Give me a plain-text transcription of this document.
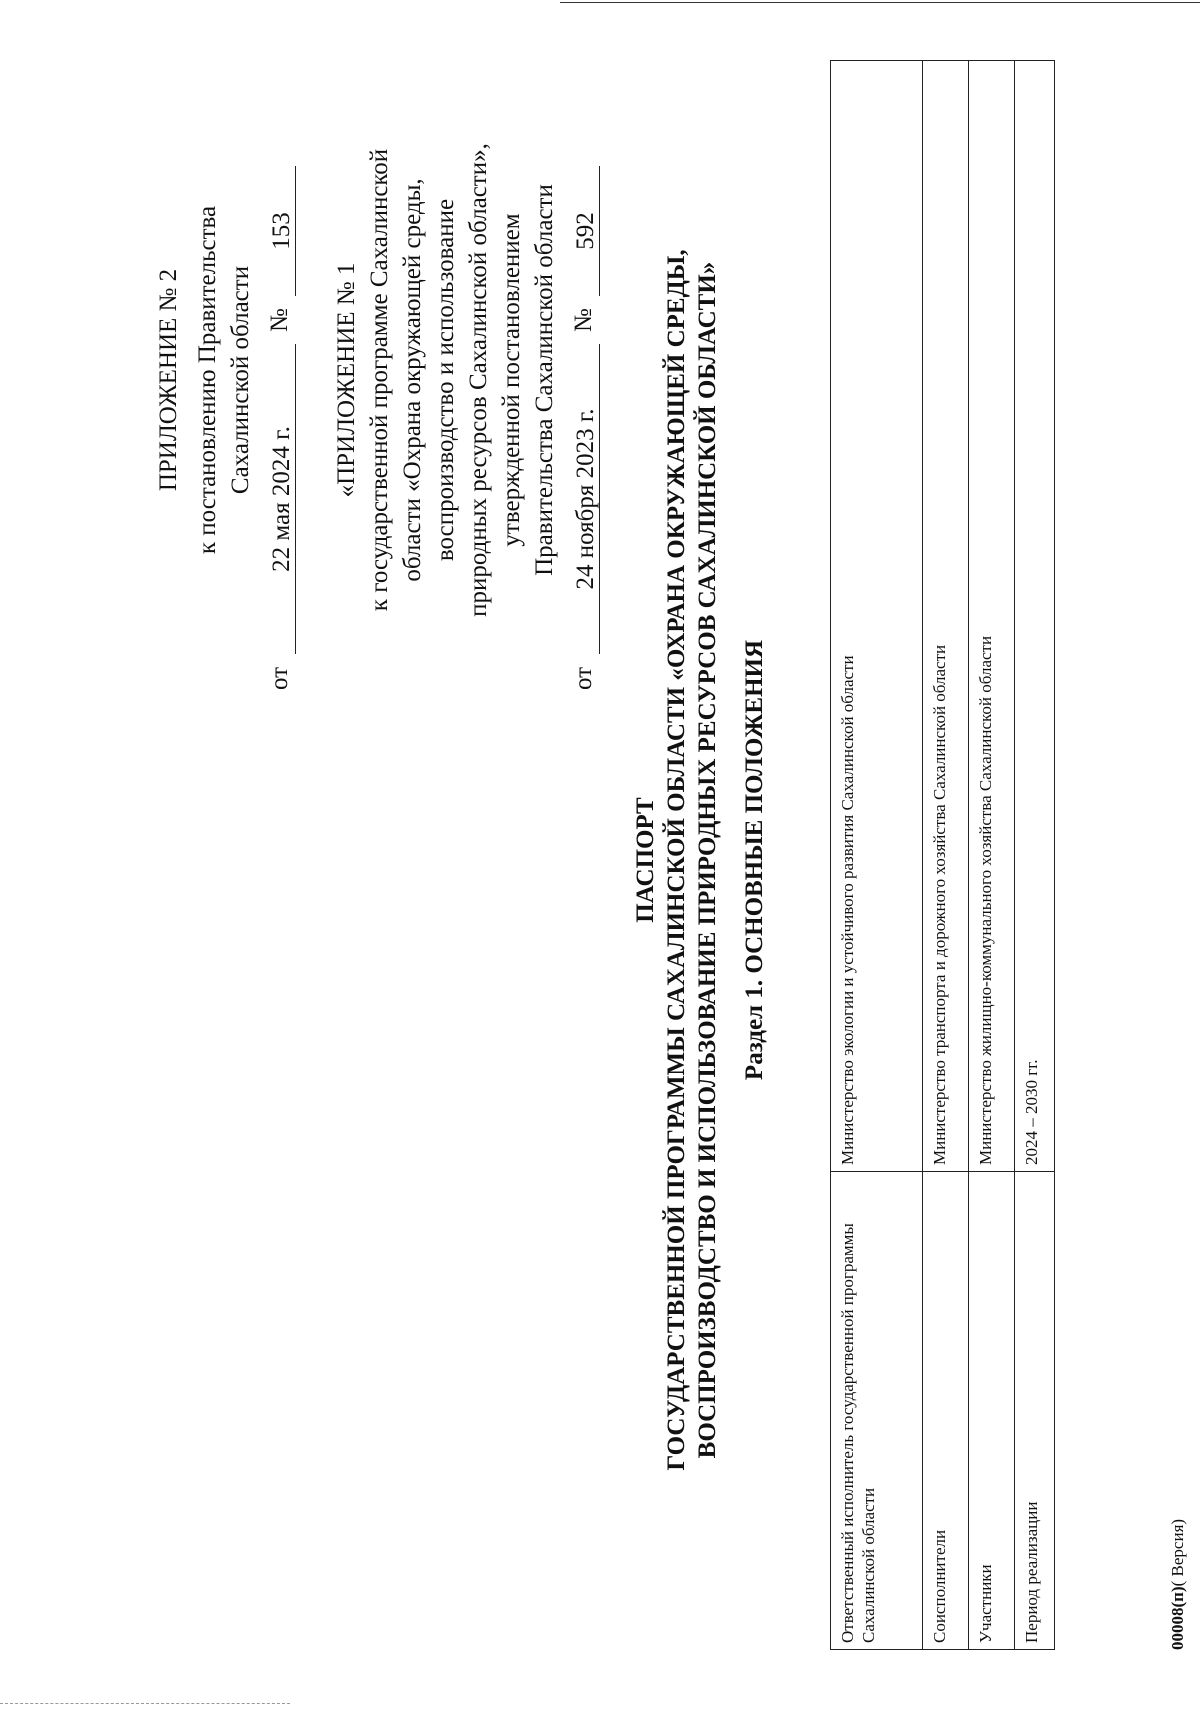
ПРИЛОЖЕНИЕ № 2 к постановлению Правительства Сахалинской области
от
22 мая 2024 г.
№
153
«ПРИЛОЖЕНИЕ № 1 к государственной программе Сахалинской области «Охрана окружающей среды, воспроизводство и использование природных ресурсов Сахалинской области», утвержденной постановлением Правительства Сахалинской области
от
24 ноября 2023 г.
№
592
ПАСПОРТ ГОСУДАРСТВЕННОЙ ПРОГРАММЫ САХАЛИНСКОЙ ОБЛАСТИ «ОХРАНА ОКРУЖАЮЩЕЙ СРЕДЫ, ВОСПРОИЗВОДСТВО И ИСПОЛЬЗОВАНИЕ ПРИРОДНЫХ РЕСУРСОВ САХАЛИНСКОЙ ОБЛАСТИ» Раздел 1. ОСНОВНЫЕ ПОЛОЖЕНИЯ
Ответственный исполнитель государственной программы Сахалинской области	Министерство экологии и устойчивого развития Сахалинской области
Соисполнители	Министерство транспорта и дорожного хозяйства Сахалинской области
Участники	Министерство жилищно-коммунального хозяйства Сахалинской области
Период реализации	2024 – 2030 гг.
00008(п)( Версия)
